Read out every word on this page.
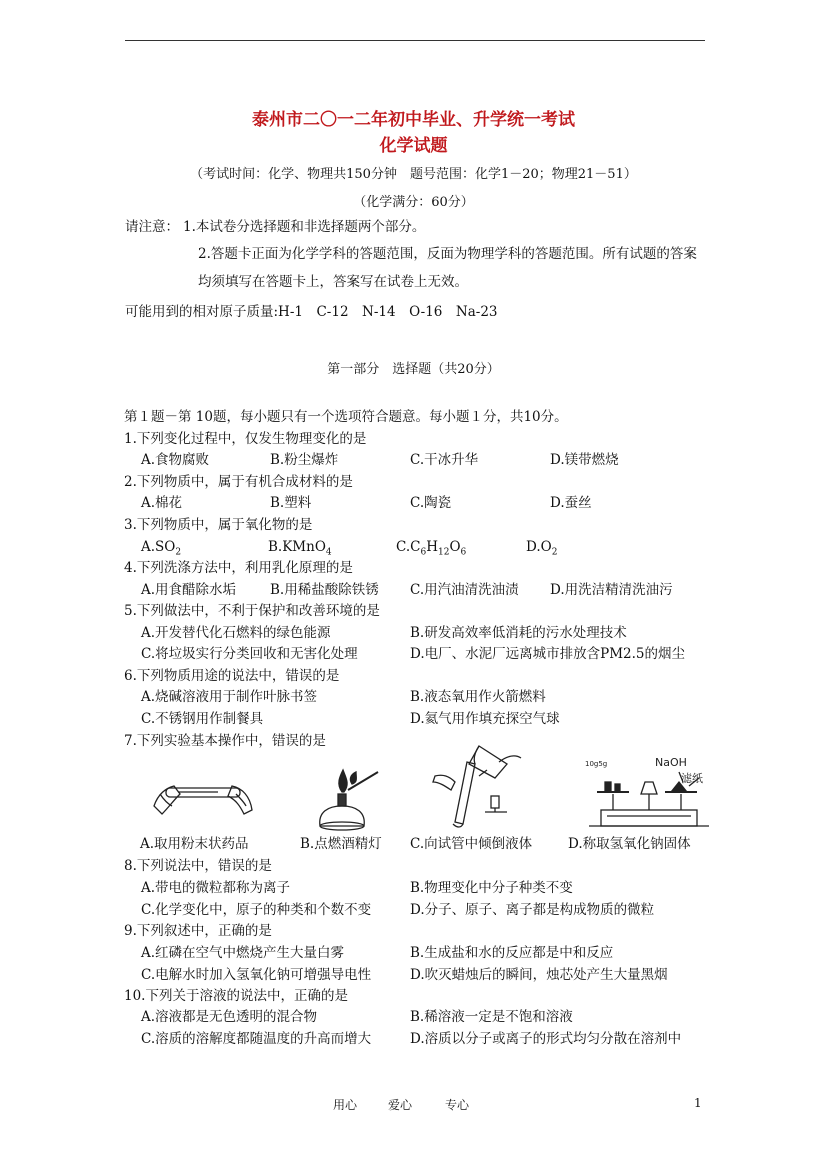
泰州市二〇一二年初中毕业、升学统一考试
化学试题
（考试时间：化学、物理共150分钟　题号范围：化学1－20；物理21－51）
（化学满分：60分）
请注意： 1.本试卷分选择题和非选择题两个部分。
2.答题卡正面为化学学科的答题范围，反面为物理学科的答题范围。所有试题的答案
均须填写在答题卡上，答案写在试卷上无效。
可能用到的相对原子质量:H-1　C-12　N-14　O-16　Na-23
第一部分　选择题（共20分）
第１题－第 10题，每小题只有一个选项符合题意。每小题１分，共10分。
1.下列变化过程中，仅发生物理变化的是
A.食物腐败	B.粉尘爆炸	C.干冰升华	D.镁带燃烧
2.下列物质中，属于有机合成材料的是
A.棉花	B.塑料	C.陶瓷	D.蚕丝
3.下列物质中，属于氧化物的是
$A.SO_2$	B.KMnO$_4$	$C.C_6H_{12}O_6$	$D.O_2$
4.下列洗涤方法中，利用乳化原理的是
A.用食醋除水垢	B.用稀盐酸除铁锈 C.用汽油清洗油渍 D.用洗洁精清洗油污
5.下列做法中，不利于保护和改善环境的是
A.开发替代化石燃料的绿色能源	B.研发高效率低消耗的污水处理技术
C.将垃圾实行分类回收和无害化处理	D.电厂、水泥厂远离城市排放含PM2.5的烟尘
6.下列物质用途的说法中，错误的是
A.烧碱溶液用于制作叶脉书签	B.液态氧用作火箭燃料
C.不锈钢用作制餐具	D.氦气用作填充探空气球
7.下列实验基本操作中，错误的是
10g5g	NaOH
滤纸
A.取用粉末状药品	B.点燃酒精灯 C.向试管中倾倒液体	D.称取氢氧化钠固体
8.下列说法中，错误的是
A.带电的微粒都称为离子	B.物理变化中分子种类不变
C.化学变化中，原子的种类和个数不变	D.分子、原子、离子都是构成物质的微粒
9.下列叙述中，正确的是
A.红磷在空气中燃烧产生大量白雾	B.生成盐和水的反应都是中和反应
C.电解水时加入氢氧化钠可增强导电性	D.吹灭蜡烛后的瞬间，烛芯处产生大量黑烟
10.下列关于溶液的说法中，正确的是
A.溶液都是无色透明的混合物	B.稀溶液一定是不饱和溶液
C.溶质的溶解度都随温度的升高而增大	D.溶质以分子或离子的形式均匀分散在溶剂中
用心	爱心	专心	1
